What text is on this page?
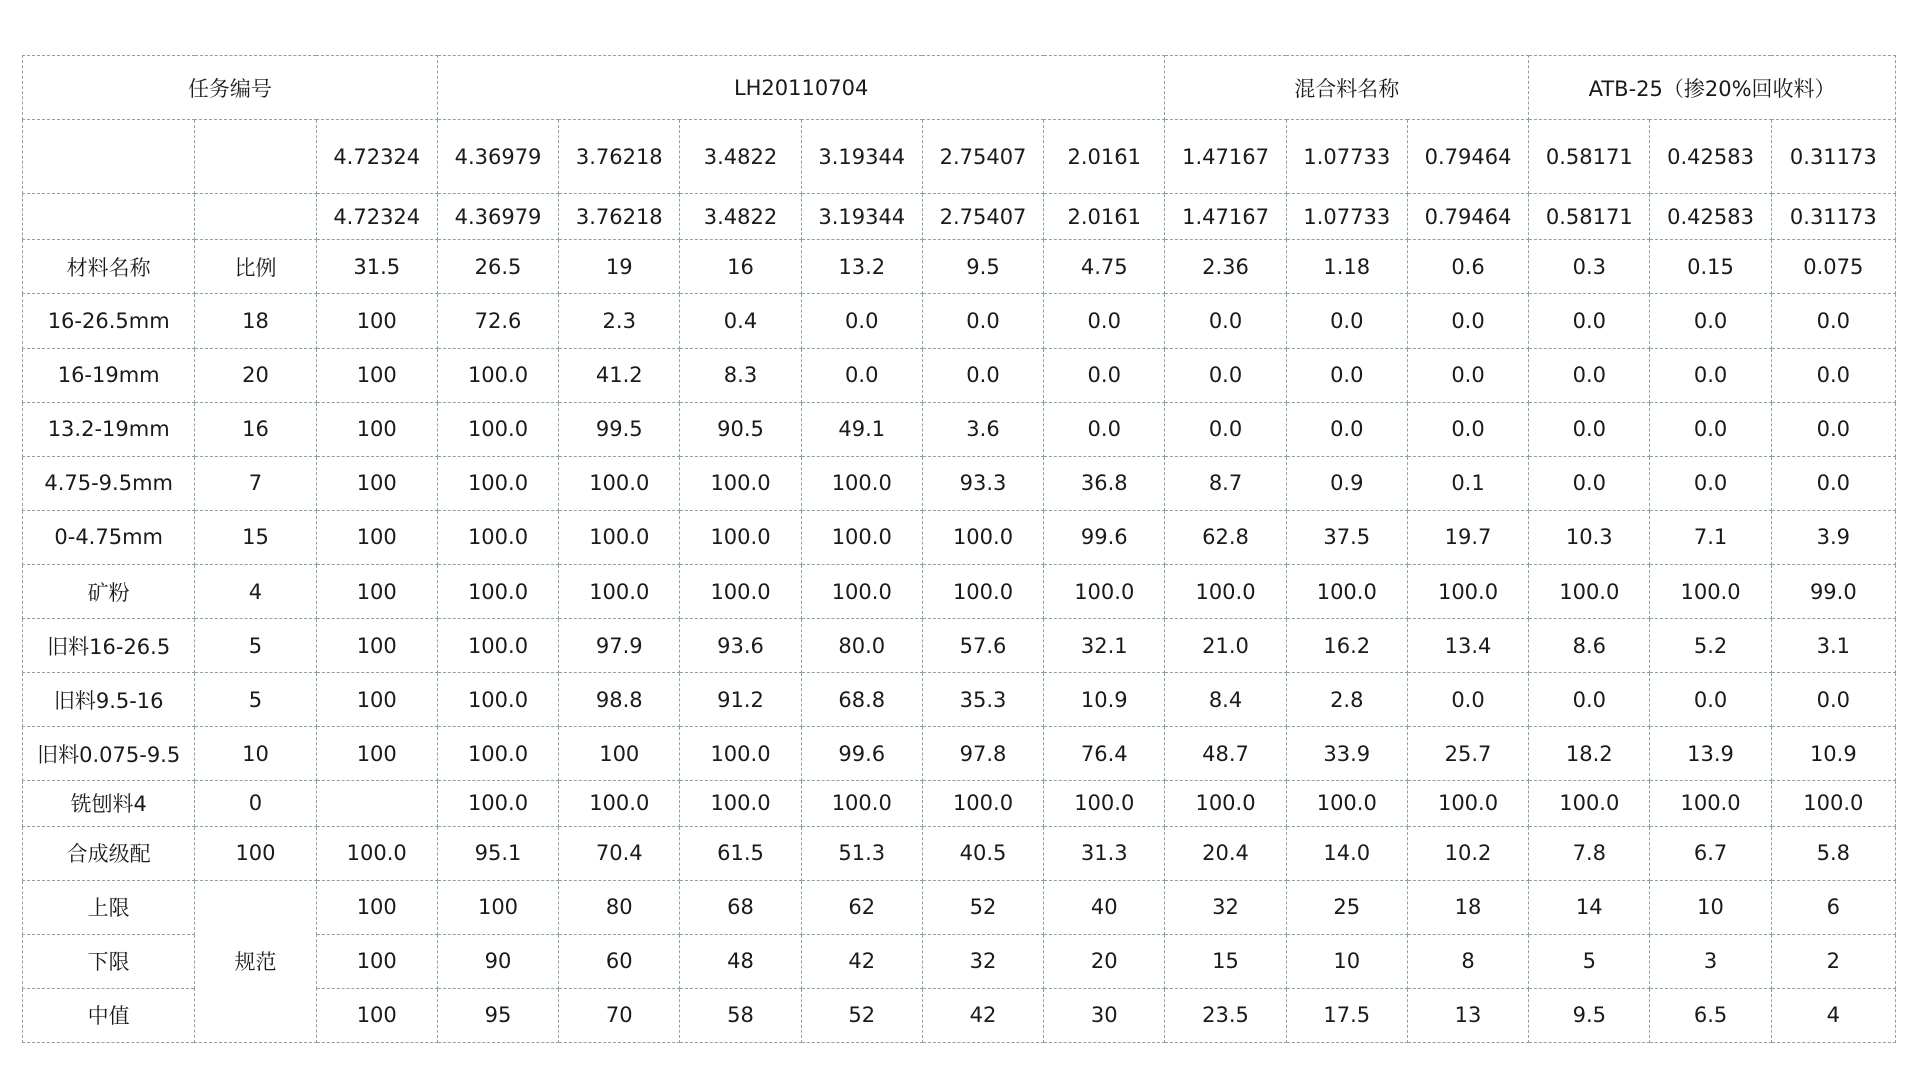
任务编号			LH20110704						混合料名称			ATB-25（掺20%回收料）		
		4.72324	4.36979	3.76218	3.4822	3.19344	2.75407	2.0161	1.47167	1.07733	0.79464	0.58171	0.42583	0.31173
		4.72324	4.36979	3.76218	3.4822	3.19344	2.75407	2.0161	1.47167	1.07733	0.79464	0.58171	0.42583	0.31173
材料名称	比例	31.5	26.5	19	16	13.2	9.5	4.75	2.36	1.18	0.6	0.3	0.15	0.075
16-26.5mm	18	100	72.6	2.3	0.4	0.0	0.0	0.0	0.0	0.0	0.0	0.0	0.0	0.0
16-19mm	20	100	100.0	41.2	8.3	0.0	0.0	0.0	0.0	0.0	0.0	0.0	0.0	0.0
13.2-19mm	16	100	100.0	99.5	90.5	49.1	3.6	0.0	0.0	0.0	0.0	0.0	0.0	0.0
4.75-9.5mm	7	100	100.0	100.0	100.0	100.0	93.3	36.8	8.7	0.9	0.1	0.0	0.0	0.0
0-4.75mm	15	100	100.0	100.0	100.0	100.0	100.0	99.6	62.8	37.5	19.7	10.3	7.1	3.9
矿粉	4	100	100.0	100.0	100.0	100.0	100.0	100.0	100.0	100.0	100.0	100.0	100.0	99.0
旧料16-26.5	5	100	100.0	97.9	93.6	80.0	57.6	32.1	21.0	16.2	13.4	8.6	5.2	3.1
旧料9.5-16	5	100	100.0	98.8	91.2	68.8	35.3	10.9	8.4	2.8	0.0	0.0	0.0	0.0
旧料0.075-9.5	10	100	100.0	100	100.0	99.6	97.8	76.4	48.7	33.9	25.7	18.2	13.9	10.9
铣刨料4	0		100.0	100.0	100.0	100.0	100.0	100.0	100.0	100.0	100.0	100.0	100.0	100.0
合成级配	100	100.0	95.1	70.4	61.5	51.3	40.5	31.3	20.4	14.0	10.2	7.8	6.7	5.8
上限	规范	100	100	80	68	62	52	40	32	25	18	14	10	6
下限		100	90	60	48	42	32	20	15	10	8	5	3	2
中值		100	95	70	58	52	42	30	23.5	17.5	13	9.5	6.5	4
